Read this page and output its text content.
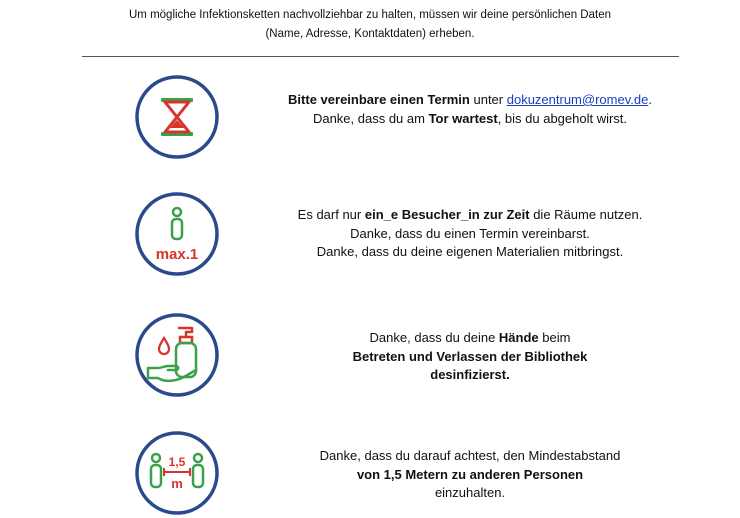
Um mögliche Infektionsketten nachvollziehbar zu halten, müssen wir deine persönlichen Daten
(Name, Adresse, Kontaktdaten) erheben.
Bitte vereinbare einen Termin unter dokuzentrum@romev.de.
Danke, dass du am Tor wartest, bis du abgeholt wirst.
max.1
Es darf nur ein_e Besucher_in zur Zeit die Räume nutzen.
Danke, dass du einen Termin vereinbarst.
Danke, dass du deine eigenen Materialien mitbringst.
Danke, dass du deine Hände beim
Betreten und Verlassen der Bibliothek
desinfizierst.
1,5
m
Danke, dass du darauf achtest, den Mindestabstand
von 1,5 Metern zu anderen Personen
einzuhalten.
